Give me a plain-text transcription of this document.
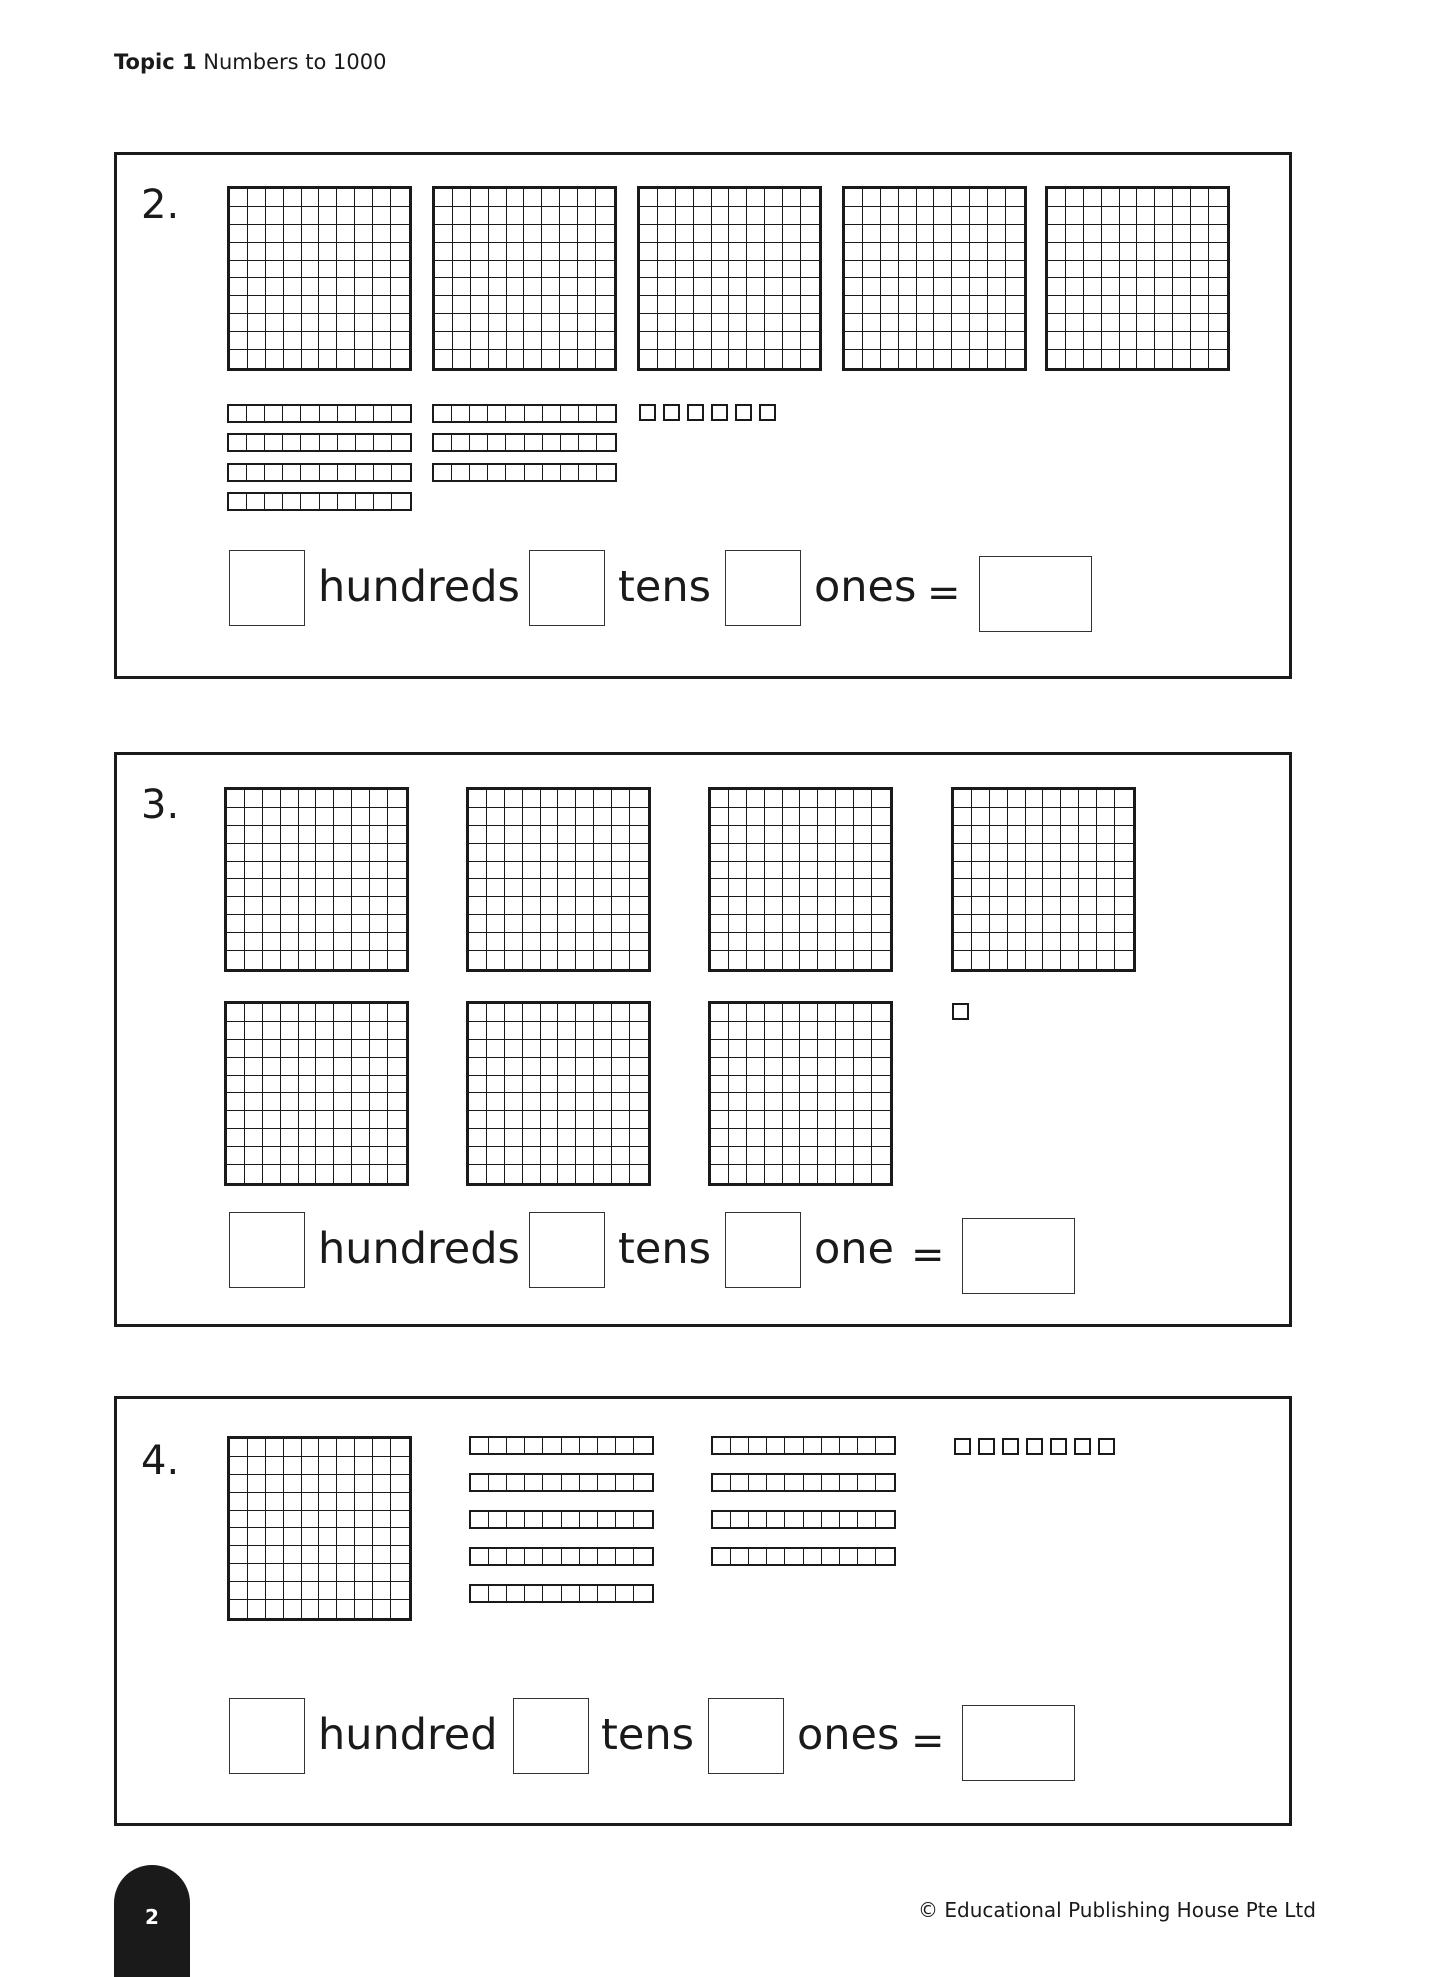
Topic 1 Numbers to 1000
2.
hundreds tens ones =
3.
hundreds tens one =
4.
hundred tens ones =
2	© Educational Publishing House Pte Ltd
